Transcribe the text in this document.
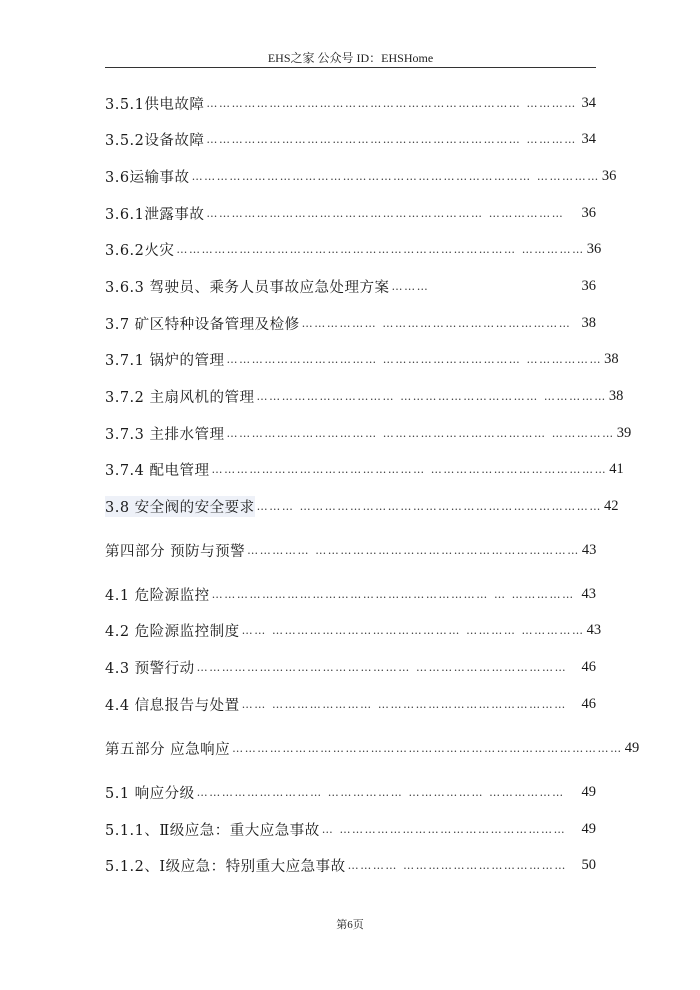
EHS之家 公众号 ID：EHSHome
3.5.1供电故障 ………………………………………………………………… ………… 34
3.5.2设备故障 ………………………………………………………………… ………… 34
3.6运输事故 ……………………………………………………………………… …………… 36
3.6.1泄露事故 ………………………………………………………… ………………	36
3.6.2火灾 ……………………………………………………………………… …………… 36
3.6.3 驾驶员、乘务人员事故应急处理方案 ………	36
3.7 矿区特种设备管理及检修 ……………… ……………………………………… 38
3.7.1 锅炉的管理 ……………………………… …………………………… ……………… 38
3.7.2 主扇风机的管理 …………………………… …………………………… …………… 38
3.7.3 主排水管理 ……………………………… ………………………………… …………… 39
3.7.4 配电管理 …………………………………………… …………………………………… 41
3.8 安全阀的安全要求 ……… ……………………………………………………………… 42
第四部分 预防与预警 …………… ……………………………………………………… 43
4.1 危险源监控 ………………………………………………………… … …………… 43
4.2 危险源监控制度 …… ……………………………………… ………… …………… 43
4.3 预警行动 …………………………………………… ……………………………… 46
4.4 信息报告与处置 …… …………………… ………………………………………	46
第五部分 应急响应 ………………………………………………………………………………… 49
5.1 响应分级 ………………………… ……………… ……………… ………………	49
5.1.1、Ⅱ级应急：重大应急事故 … ………………………………………………	49
5.1.2、Ⅰ级应急：特别重大应急事故 ………… …………………………………	50
第6页
